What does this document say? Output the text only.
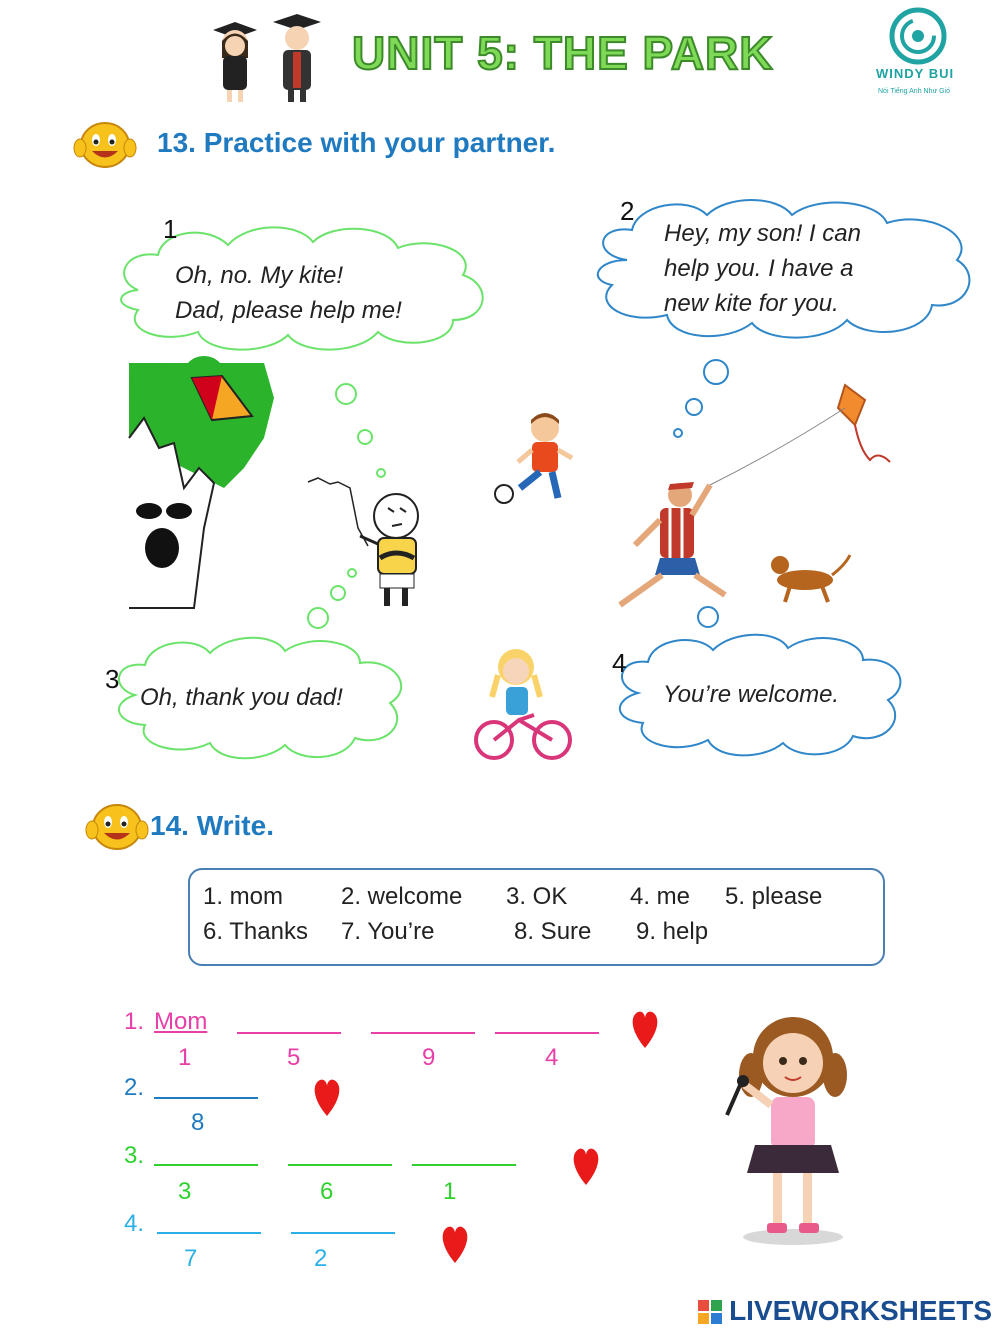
UNIT 5: THE PARK	WINDY BUI
Nói Tiếng Anh Như Gió
13. Practice with your partner.
1
Oh, no. My kite!
Dad, please help me!
2
Hey, my son! I can
help you. I have a
new kite for you.
3
Oh, thank you dad!
4
You’re welcome.
14. Write.
1. mom 2. welcome 3. OK	4. me 5. please
6. Thanks 7. You’re	8. Sure 9. help
1. Mom
1	5	9	4
2.
8
3.
3	6	1
4.
7	2
LIVEWORKSHEETS
